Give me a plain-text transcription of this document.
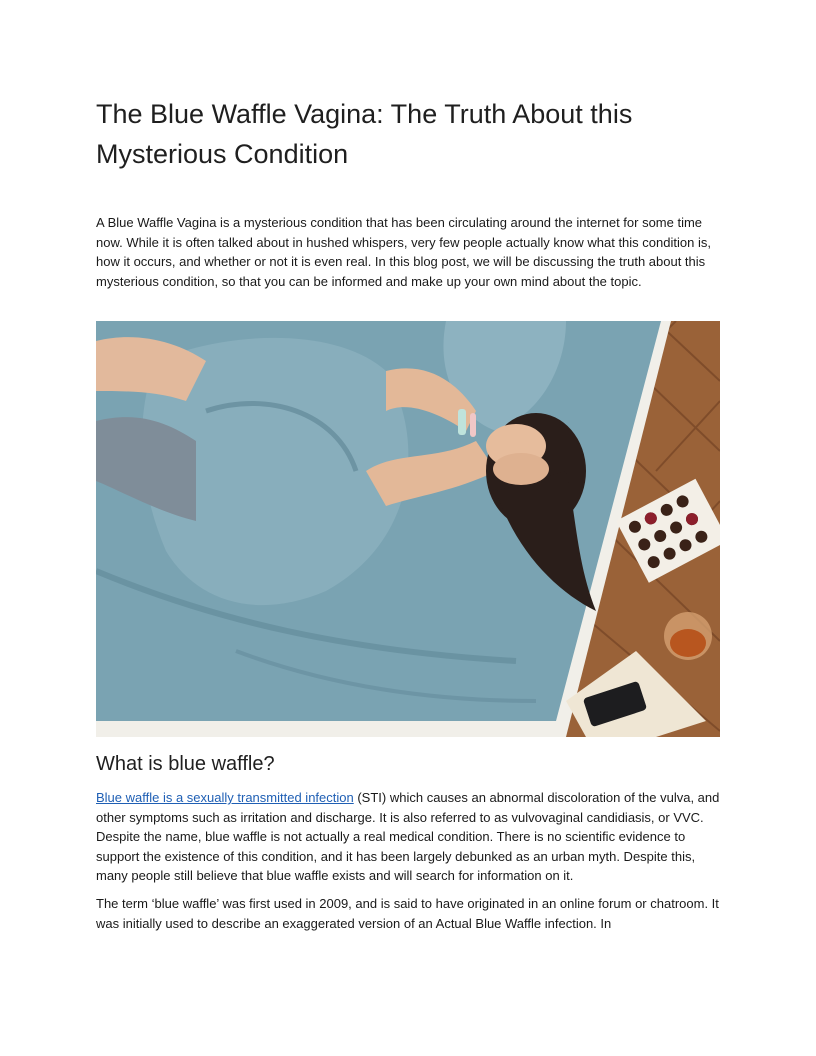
The Blue Waffle Vagina: The Truth About this Mysterious Condition

A Blue Waffle Vagina is a mysterious condition that has been circulating around the internet for some time now. While it is often talked about in hushed whispers, very few people actually know what this condition is, how it occurs, and whether or not it is even real. In this blog post, we will be discussing the truth about this mysterious condition, so that you can be informed and make up your own mind about the topic.

What is blue waffle?

Blue waffle is a sexually transmitted infection (STI) which causes an abnormal discoloration of the vulva, and other symptoms such as irritation and discharge. It is also referred to as vulvovaginal candidiasis, or VVC. Despite the name, blue waffle is not actually a real medical condition. There is no scientific evidence to support the existence of this condition, and it has been largely debunked as an urban myth. Despite this, many people still believe that blue waffle exists and will search for information on it.

The term ‘blue waffle’ was first used in 2009, and is said to have originated in an online forum or chatroom. It was initially used to describe an exaggerated version of an Actual Blue Waffle infection. In
